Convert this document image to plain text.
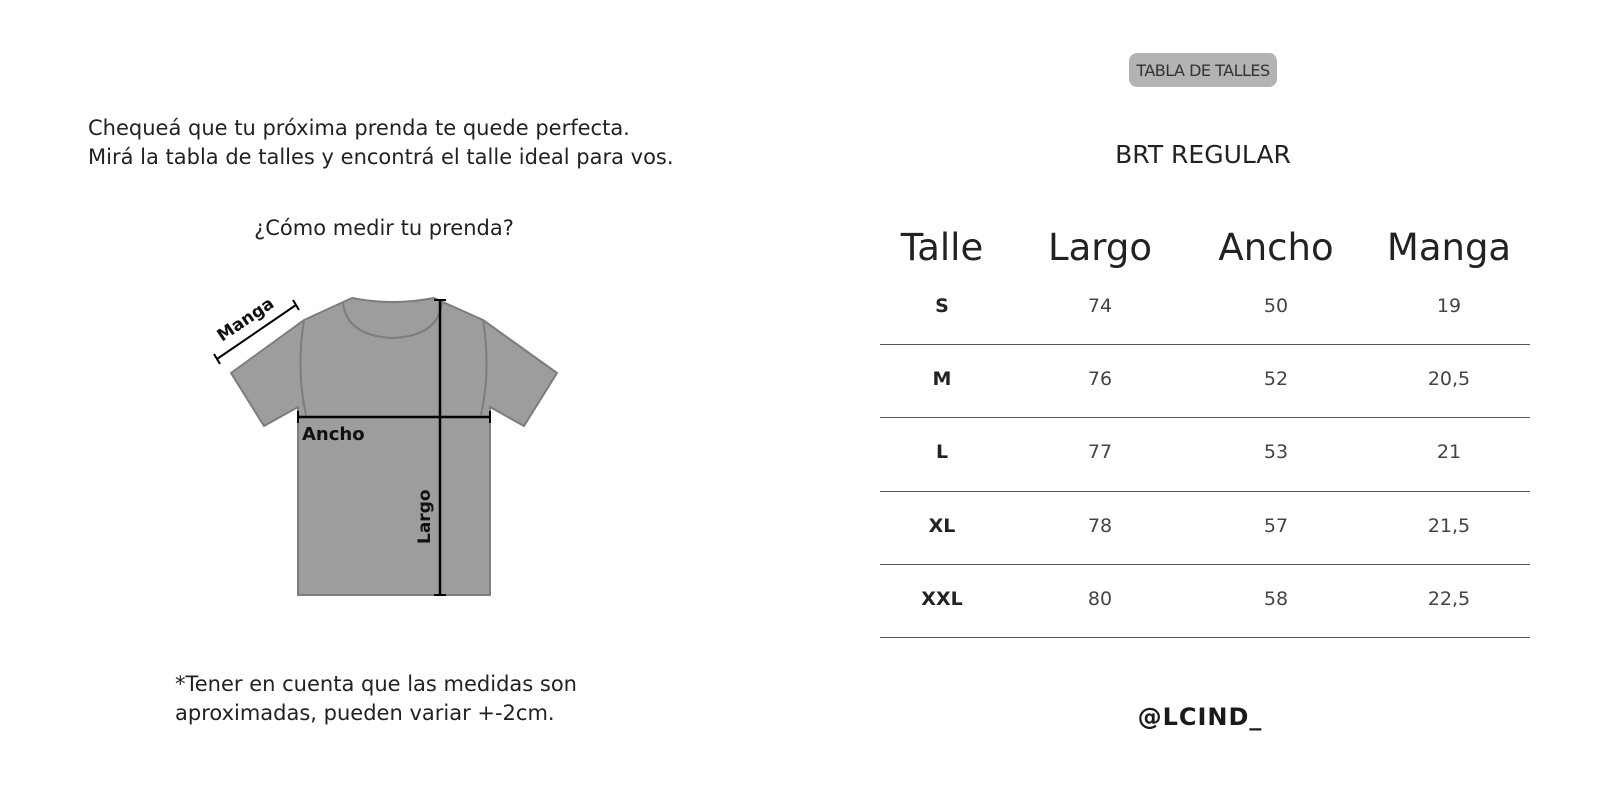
Chequeá que tu próxima prenda te quede perfecta.
Mirá la tabla de talles y encontrá el talle ideal para vos.
¿Cómo medir tu prenda?
Manga
Ancho
Largo
*Tener en cuenta que las medidas son
aproximadas, pueden variar +-2cm.
TABLA DE TALLES
BRT REGULAR
Talle	Largo	Ancho	Manga
S	74	50	19
M	76	52	20,5
L	77	53	21
XL	78	57	21,5
XXL	80	58	22,5
@LCIND_
